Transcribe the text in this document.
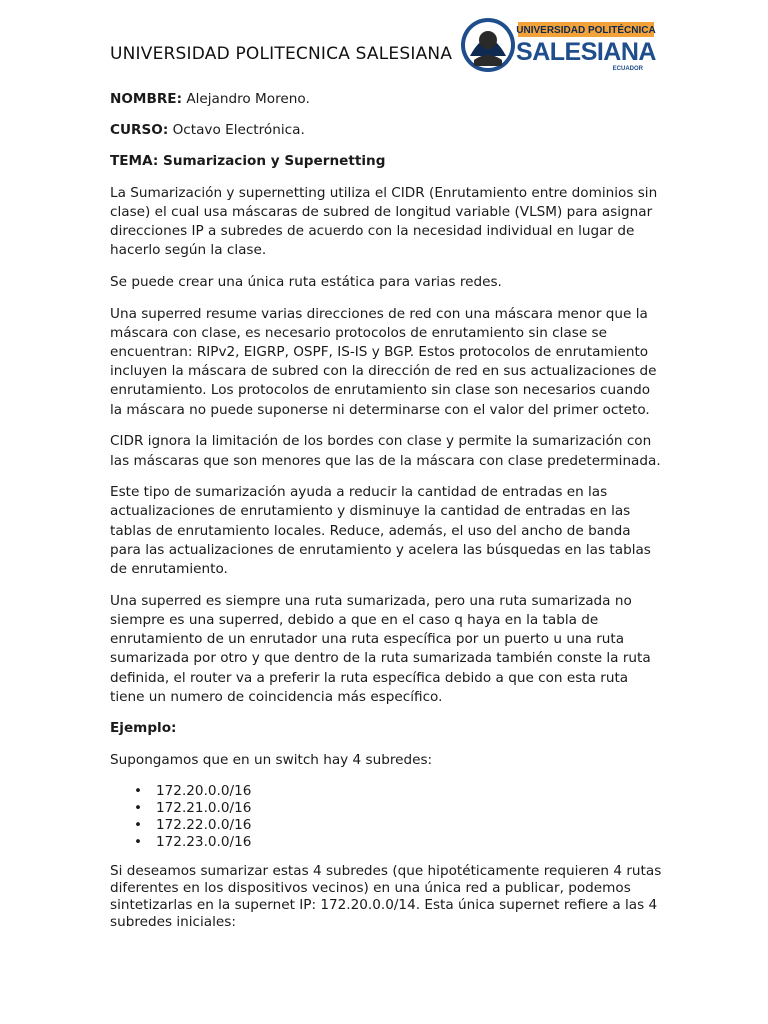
UNIVERSIDAD POLITECNICA SALESIANA
UNIVERSIDAD POLITÉCNICA
SALESIANA
ECUADOR
NOMBRE: Alejandro Moreno.
CURSO: Octavo Electrónica.
TEMA: Sumarizacion y Supernetting

La Sumarización y supernetting utiliza el CIDR (Enrutamiento entre dominios sin clase) el cual usa máscaras de subred de longitud variable (VLSM) para asignar direcciones IP a subredes de acuerdo con la necesidad individual en lugar de hacerlo según la clase.

Se puede crear una única ruta estática para varias redes.

Una superred resume varias direcciones de red con una máscara menor que la máscara con clase, es necesario protocolos de enrutamiento sin clase se encuentran: RIPv2, EIGRP, OSPF, IS-IS y BGP. Estos protocolos de enrutamiento incluyen la máscara de subred con la dirección de red en sus actualizaciones de enrutamiento. Los protocolos de enrutamiento sin clase son necesarios cuando la máscara no puede suponerse ni determinarse con el valor del primer octeto.

CIDR ignora la limitación de los bordes con clase y permite la sumarización con las máscaras que son menores que las de la máscara con clase predeterminada.

Este tipo de sumarización ayuda a reducir la cantidad de entradas en las actualizaciones de enrutamiento y disminuye la cantidad de entradas en las tablas de enrutamiento locales. Reduce, además, el uso del ancho de banda para las actualizaciones de enrutamiento y acelera las búsquedas en las tablas de enrutamiento.

Una superred es siempre una ruta sumarizada, pero una ruta sumarizada no siempre es una superred, debido a que en el caso q haya en la tabla de enrutamiento de un enrutador una ruta específica por un puerto u una ruta sumarizada por otro y que dentro de la ruta sumarizada también conste la ruta definida, el router va a preferir la ruta específica debido a que con esta ruta tiene un numero de coincidencia más específico.

Ejemplo:

Supongamos que en un switch hay 4 subredes:

• 172.20.0.0/16
• 172.21.0.0/16
• 172.22.0.0/16
• 172.23.0.0/16

Si deseamos sumarizar estas 4 subredes (que hipotéticamente requieren 4 rutas diferentes en los dispositivos vecinos) en una única red a publicar, podemos sintetizarlas en la supernet IP: 172.20.0.0/14. Esta única supernet refiere a las 4 subredes iniciales:
